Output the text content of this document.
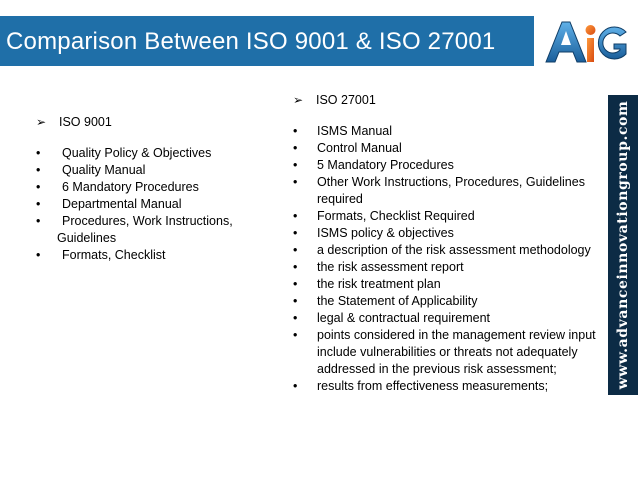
Comparison Between ISO 9001 & ISO 27001
www.advanceinnovationgroup.com
➢ ISO 9001
• Quality Policy & Objectives
• Quality Manual
• 6 Mandatory Procedures
• Departmental Manual
• Procedures, Work Instructions,
Guidelines
• Formats, Checklist
➢ ISO 27001
• ISMS Manual
• Control Manual
• 5 Mandatory Procedures
• Other Work Instructions, Procedures, Guidelines required
• Formats, Checklist Required
• ISMS policy & objectives
• a description of the risk assessment methodology
• the risk assessment report
• the risk treatment plan
• the Statement of Applicability
• legal & contractual requirement
• points considered in the management review input include vulnerabilities or threats not adequately addressed in the previous risk assessment;
• results from effectiveness measurements;
